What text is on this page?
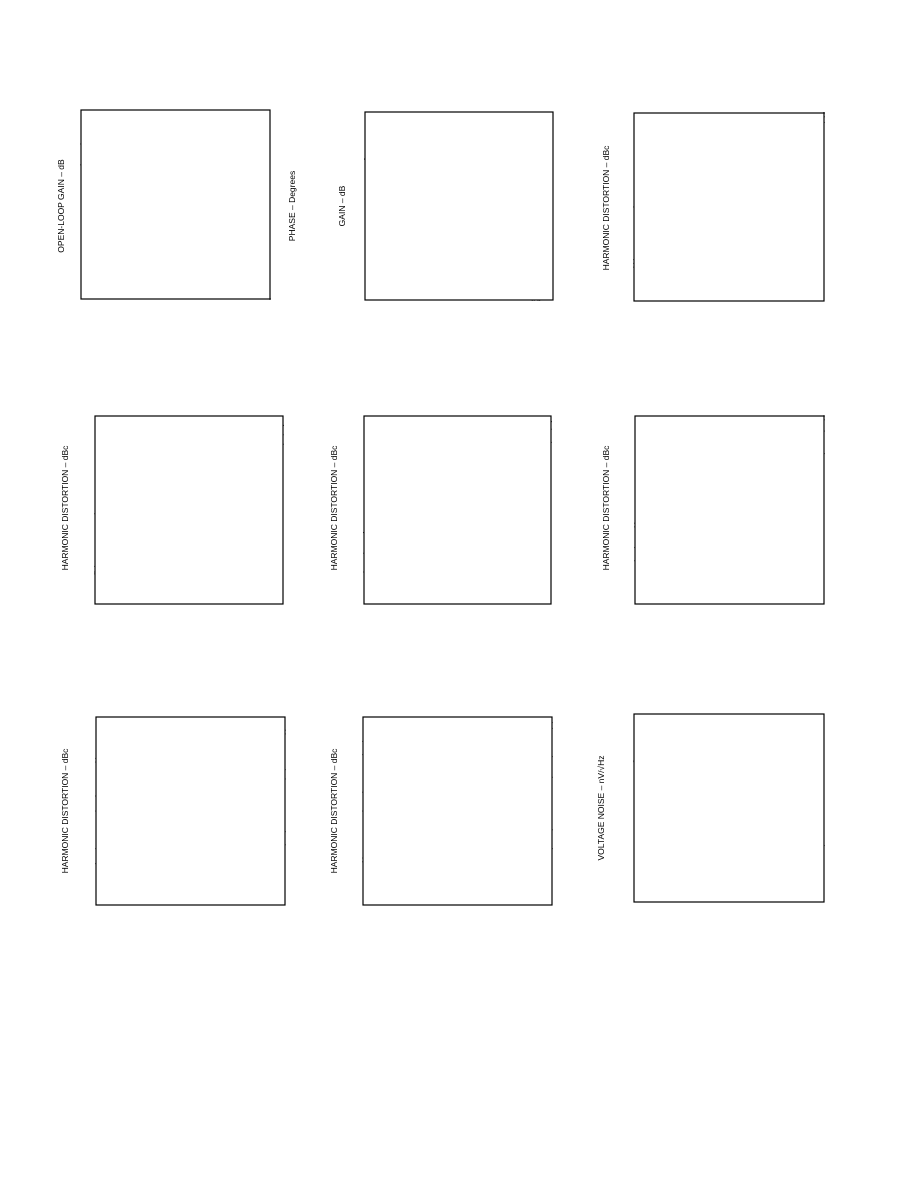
OPEN-LOOP GAIN – dB	PHASE – Degrees	GAIN – dB	HARMONIC DISTORTION – dBc
HARMONIC DISTORTION – dBc	HARMONIC DISTORTION – dBc	HARMONIC DISTORTION – dBc
HARMONIC DISTORTION – dBc	HARMONIC DISTORTION – dBc	VOLTAGE NOISE – nV/√Hz
